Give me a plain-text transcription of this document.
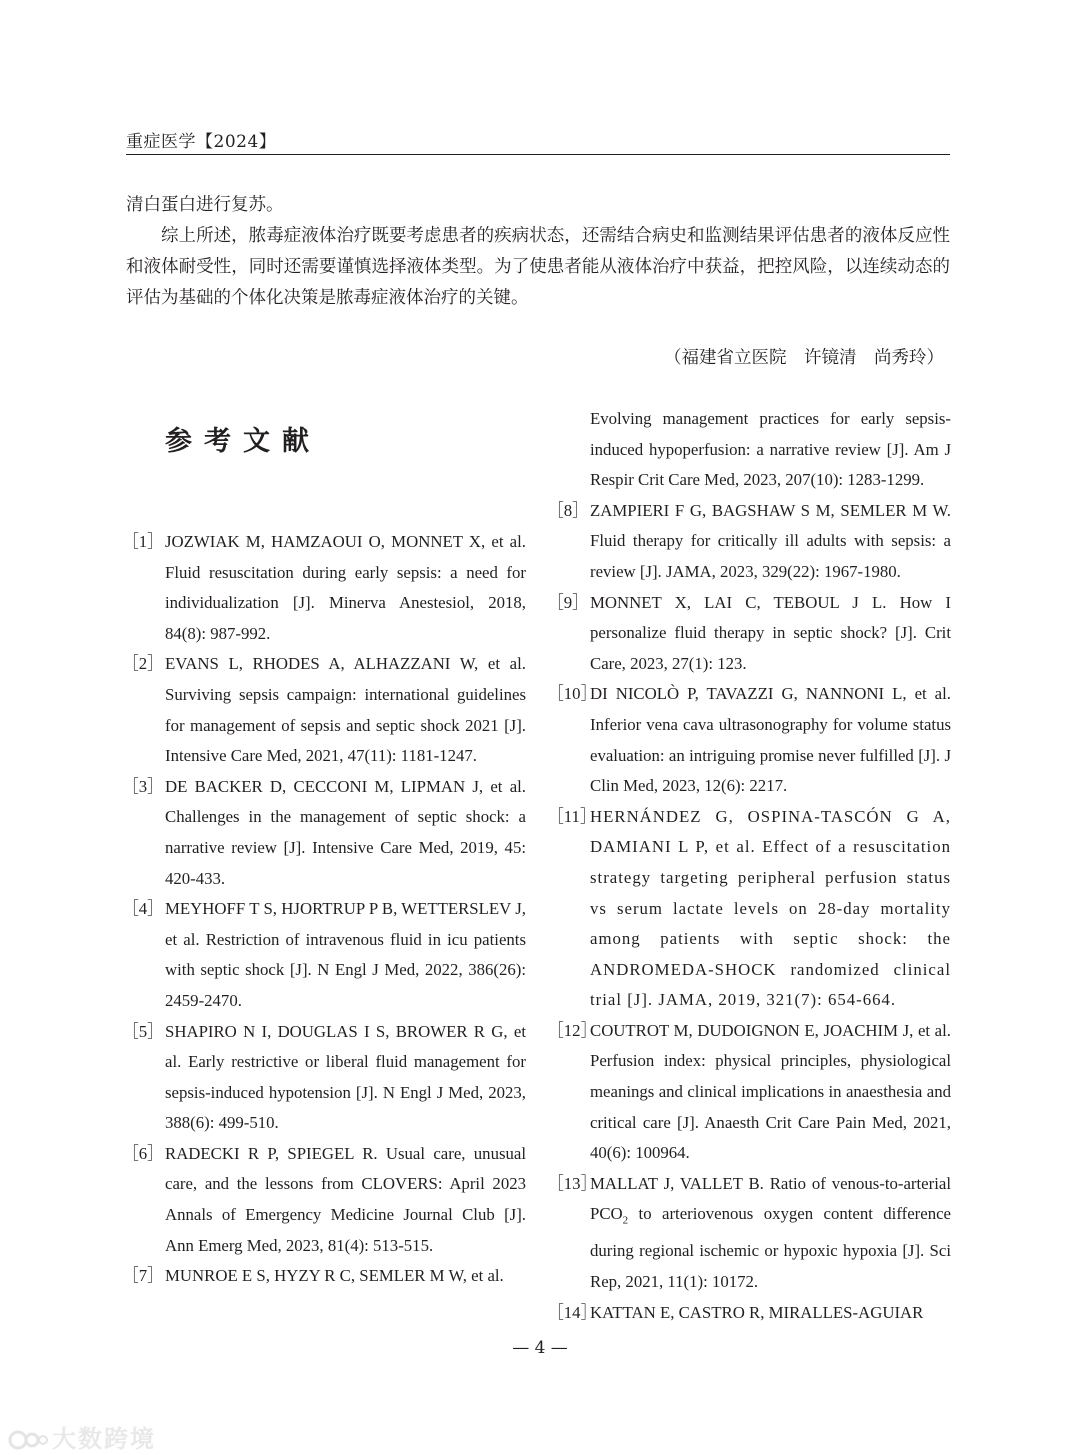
重症医学【2024】

清白蛋白进行复苏。

综上所述，脓毒症液体治疗既要考虑患者的疾病状态，还需结合病史和监测结果评估患者的液体反应性和液体耐受性，同时还需要谨慎选择液体类型。为了使患者能从液体治疗中获益，把控风险，以连续动态的评估为基础的个体化决策是脓毒症液体治疗的关键。

（福建省立医院　许镜清　尚秀玲）
参考文献
［1］ JOZWIAK M, HAMZAOUI O, MONNET X, et al. Fluid resuscitation during early sepsis: a need for individualization [J]. Minerva Anestesiol, 2018, 84(8): 987-992.
［2］ EVANS L, RHODES A, ALHAZZANI W, et al. Surviving sepsis campaign: international guidelines for management of sepsis and septic shock 2021 [J]. Intensive Care Med, 2021, 47(11): 1181-1247.
［3］ DE BACKER D, CECCONI M, LIPMAN J, et al. Challenges in the management of septic shock: a narrative review [J]. Intensive Care Med, 2019, 45: 420-433.
［4］ MEYHOFF T S, HJORTRUP P B, WETTERSLEV J, et al. Restriction of intravenous fluid in icu patients with septic shock [J]. N Engl J Med, 2022, 386(26): 2459-2470.
［5］ SHAPIRO N I, DOUGLAS I S, BROWER R G, et al. Early restrictive or liberal fluid management for sepsis-induced hypotension [J]. N Engl J Med, 2023, 388(6): 499-510.
［6］ RADECKI R P, SPIEGEL R. Usual care, unusual care, and the lessons from CLOVERS: April 2023 Annals of Emergency Medicine Journal Club [J]. Ann Emerg Med, 2023, 81(4): 513-515.
［7］ MUNROE E S, HYZY R C, SEMLER M W, et al.
Evolving management practices for early sepsis-induced hypoperfusion: a narrative review [J]. Am J Respir Crit Care Med, 2023, 207(10): 1283-1299.
［8］ ZAMPIERI F G, BAGSHAW S M, SEMLER M W. Fluid therapy for critically ill adults with sepsis: a review [J]. JAMA, 2023, 329(22): 1967-1980.
［9］ MONNET X, LAI C, TEBOUL J L. How I personalize fluid therapy in septic shock? [J]. Crit Care, 2023, 27(1): 123.
［10］
DI NICOLÒ P, TAVAZZI G, NANNONI L, et al. Inferior vena cava ultrasonography for volume status evaluation: an intriguing promise never fulfilled [J]. J Clin Med, 2023, 12(6): 2217.
［11］
HERNÁNDEZ G, OSPINA-TASCÓN G A, DAMIANI L P, et al. Effect of a resuscitation strategy targeting peripheral perfusion status vs serum lactate levels on 28-day mortality among patients with septic shock: the ANDROMEDA-SHOCK randomized clinical trial [J]. JAMA, 2019, 321(7): 654-664.
［12］
COUTROT M, DUDOIGNON E, JOACHIM J, et al. Perfusion index: physical principles, physiological meanings and clinical implications in anaesthesia and critical care [J]. Anaesth Crit Care Pain Med, 2021, 40(6): 100964.
［13］
MALLAT J, VALLET B. Ratio of venous-to-arterial $PCO_2$ to arteriovenous oxygen content difference during regional ischemic or hypoxic hypoxia [J]. Sci Rep, 2021, 11(1): 10172.
［14］
KATTAN E, CASTRO R, MIRALLES-AGUIAR
— 4 —
大数跨境
